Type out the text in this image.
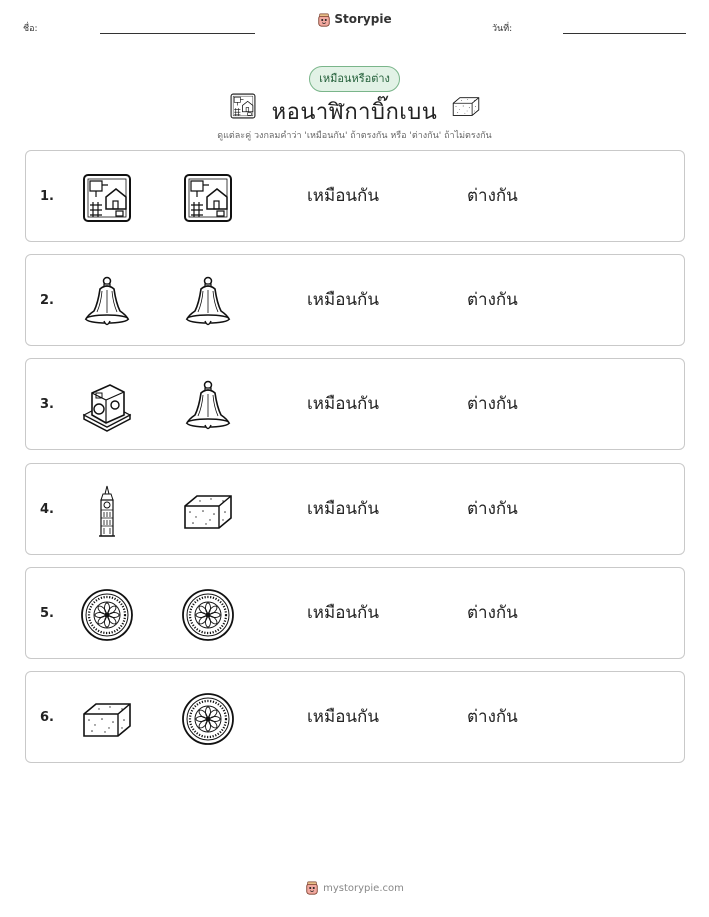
ชื่อ:
Storypie
วันที่:
เหมือนหรือต่าง
หอนาฬิกาบิ๊กเบน
ดูแต่ละคู่ วงกลมคำว่า 'เหมือนกัน' ถ้าตรงกัน หรือ 'ต่างกัน' ถ้าไม่ตรงกัน
1.	เหมือนกัน	ต่างกัน
2.	เหมือนกัน	ต่างกัน
3.	เหมือนกัน	ต่างกัน
4.	เหมือนกัน	ต่างกัน
5.	เหมือนกัน	ต่างกัน
6.	เหมือนกัน	ต่างกัน
mystorypie.com
